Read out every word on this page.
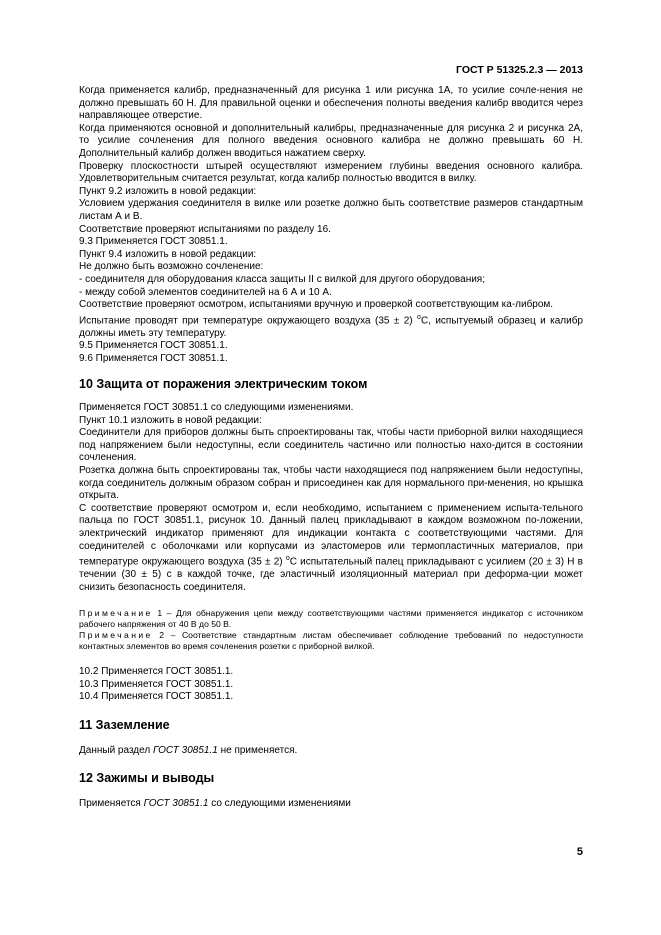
ГОСТ Р 51325.2.3 — 2013

Когда применяется калибр, предназначенный для рисунка 1 или рисунка 1А, то усилие сочле-нения не должно превышать 60 Н. Для правильной оценки и обеспечения полноты введения калибр вводится через направляющее отверстие.

Когда применяются основной и дополнительный калибры, предназначенные для рисунка 2 и рисунка 2А, то усилие сочленения для полного введения основного калибра не должно превышать 60 Н. Дополнительный калибр должен вводиться нажатием сверху.

Проверку плоскостности штырей осуществляют измерением глубины введения основного калибра. Удовлетворительным считается результат, когда калибр полностью вводится в вилку.

Пункт 9.2 изложить в новой редакции:

Условием удержания соединителя в вилке или розетке должно быть соответствие размеров стандартным листам А и В.

Соответствие проверяют испытаниями по разделу 16.

9.3 Применяется ГОСТ 30851.1.

Пункт 9.4 изложить в новой редакции:

Не должно быть возможно сочленение:

- соединителя для оборудования класса защиты II с вилкой для другого оборудования;

- между собой элементов соединителей на 6 А и 10 А.

Соответствие проверяют осмотром, испытаниями вручную и проверкой соответствующим ка-либром.

Испытание проводят при температуре окружающего воздуха (35 ± 2) $^o$С, испытуемый образец и калибр должны иметь эту температуру.

9.5 Применяется ГОСТ 30851.1.

9.6 Применяется ГОСТ 30851.1.

10 Защита от поражения электрическим током

Применяется ГОСТ 30851.1 со следующими изменениями.

Пункт 10.1 изложить в новой редакции:

Соединители для приборов должны быть спроектированы так, чтобы части приборной вилки находящиеся под напряжением были недоступны, если соединитель частично или полностью нахо-дится в состоянии сочленения.

Розетка должна быть спроектированы так, чтобы части находящиеся под напряжением были недоступны, когда соединитель должным образом собран и присоединен как для нормального при-менения, но крышка открыта.

С соответствие проверяют осмотром и, если необходимо, испытанием с применением испыта-тельного пальца по ГОСТ 30851.1, рисунок 10. Данный палец прикладывают в каждом возможном по-ложении, электрический индикатор применяют для индикации контакта с соответствующими частями. Для соединителей с оболочками или корпусами из эластомеров или термопластичных материалов, при температуре окружающего воздуха (35 ± 2) $^o$С испытательный палец прикладывают с усилием (20 ± 3) Н в течении (30 ± 5) с в каждой точке, где эластичный изоляционный материал при деформа-ции может снизить безопасность соединителя.

Примечание 1 – Для обнаружения цепи между соответствующими частями применяется индикатор с источником рабочего напряжения от 40 В до 50 В.

Примечание 2 – Соответствие стандартным листам обеспечивает соблюдение требований по недоступности контактных элементов во время сочленения розетки с приборной вилкой.

10.2 Применяется ГОСТ 30851.1.

10.3 Применяется ГОСТ 30851.1.

10.4 Применяется ГОСТ 30851.1.

11 Заземление

Данный раздел ГОСТ 30851.1 не применяется.

12 Зажимы и выводы

Применяется ГОСТ 30851.1 со следующими изменениями

5
